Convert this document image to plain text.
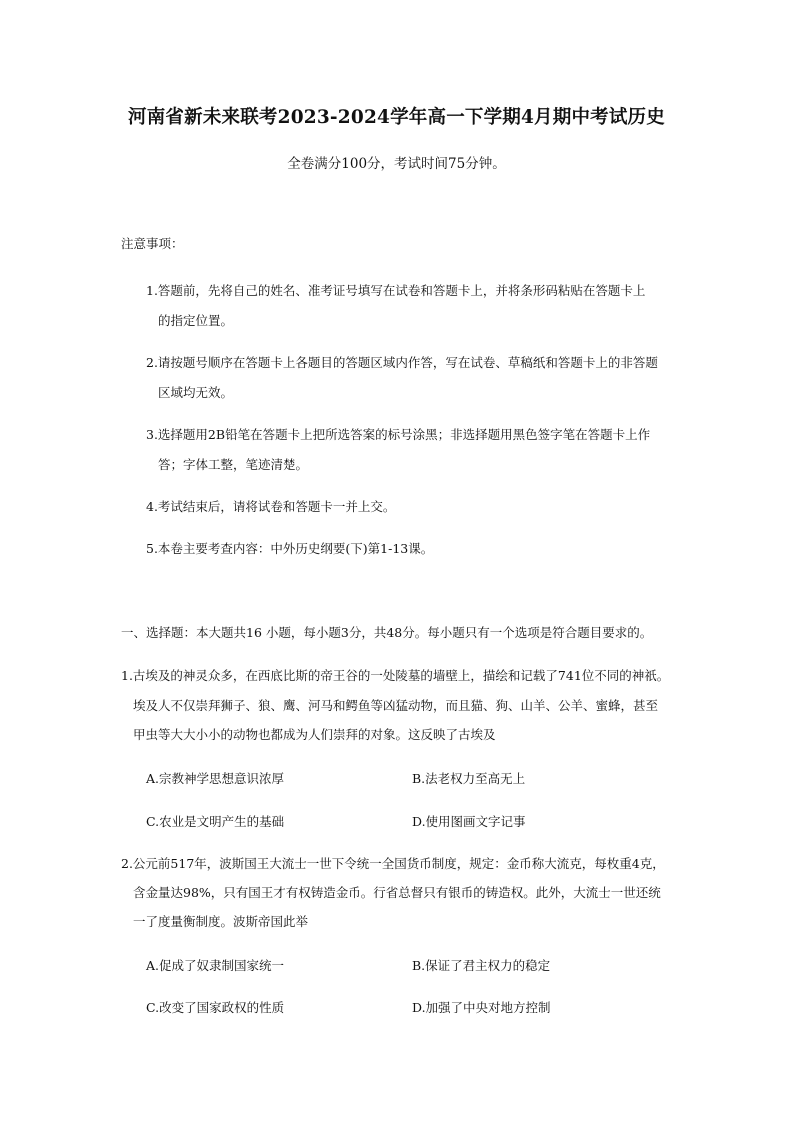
河南省新未来联考2023-2024学年高一下学期4月期中考试历史
全卷满分100分，考试时间75分钟。
注意事项：
1.答题前，先将自己的姓名、准考证号填写在试卷和答题卡上，并将条形码粘贴在答题卡上
的指定位置。
2.请按题号顺序在答题卡上各题目的答题区域内作答，写在试卷、草稿纸和答题卡上的非答题
区域均无效。
3.选择题用2B铅笔在答题卡上把所选答案的标号涂黑；非选择题用黑色签字笔在答题卡上作
答；字体工整，笔迹清楚。
4.考试结束后，请将试卷和答题卡一并上交。
5.本卷主要考查内容：中外历史纲要(下)第1-13课。
一、选择题：本大题共16 小题，每小题3分，共48分。每小题只有一个选项是符合题目要求的。
1.古埃及的神灵众多，在西底比斯的帝王谷的一处陵墓的墙壁上，描绘和记载了741位不同的神祇。
埃及人不仅崇拜狮子、狼、鹰、河马和鳄鱼等凶猛动物，而且猫、狗、山羊、公羊、蜜蜂，甚至
甲虫等大大小小的动物也都成为人们崇拜的对象。这反映了古埃及
A.宗教神学思想意识浓厚	B.法老权力至高无上
C.农业是文明产生的基础	D.使用图画文字记事
2.公元前517年，波斯国王大流士一世下令统一全国货币制度，规定：金币称大流克，每枚重4克，
含金量达98%，只有国王才有权铸造金币。行省总督只有银币的铸造权。此外，大流士一世还统
一了度量衡制度。波斯帝国此举
A.促成了奴隶制国家统一	B.保证了君主权力的稳定
C.改变了国家政权的性质	D.加强了中央对地方控制
